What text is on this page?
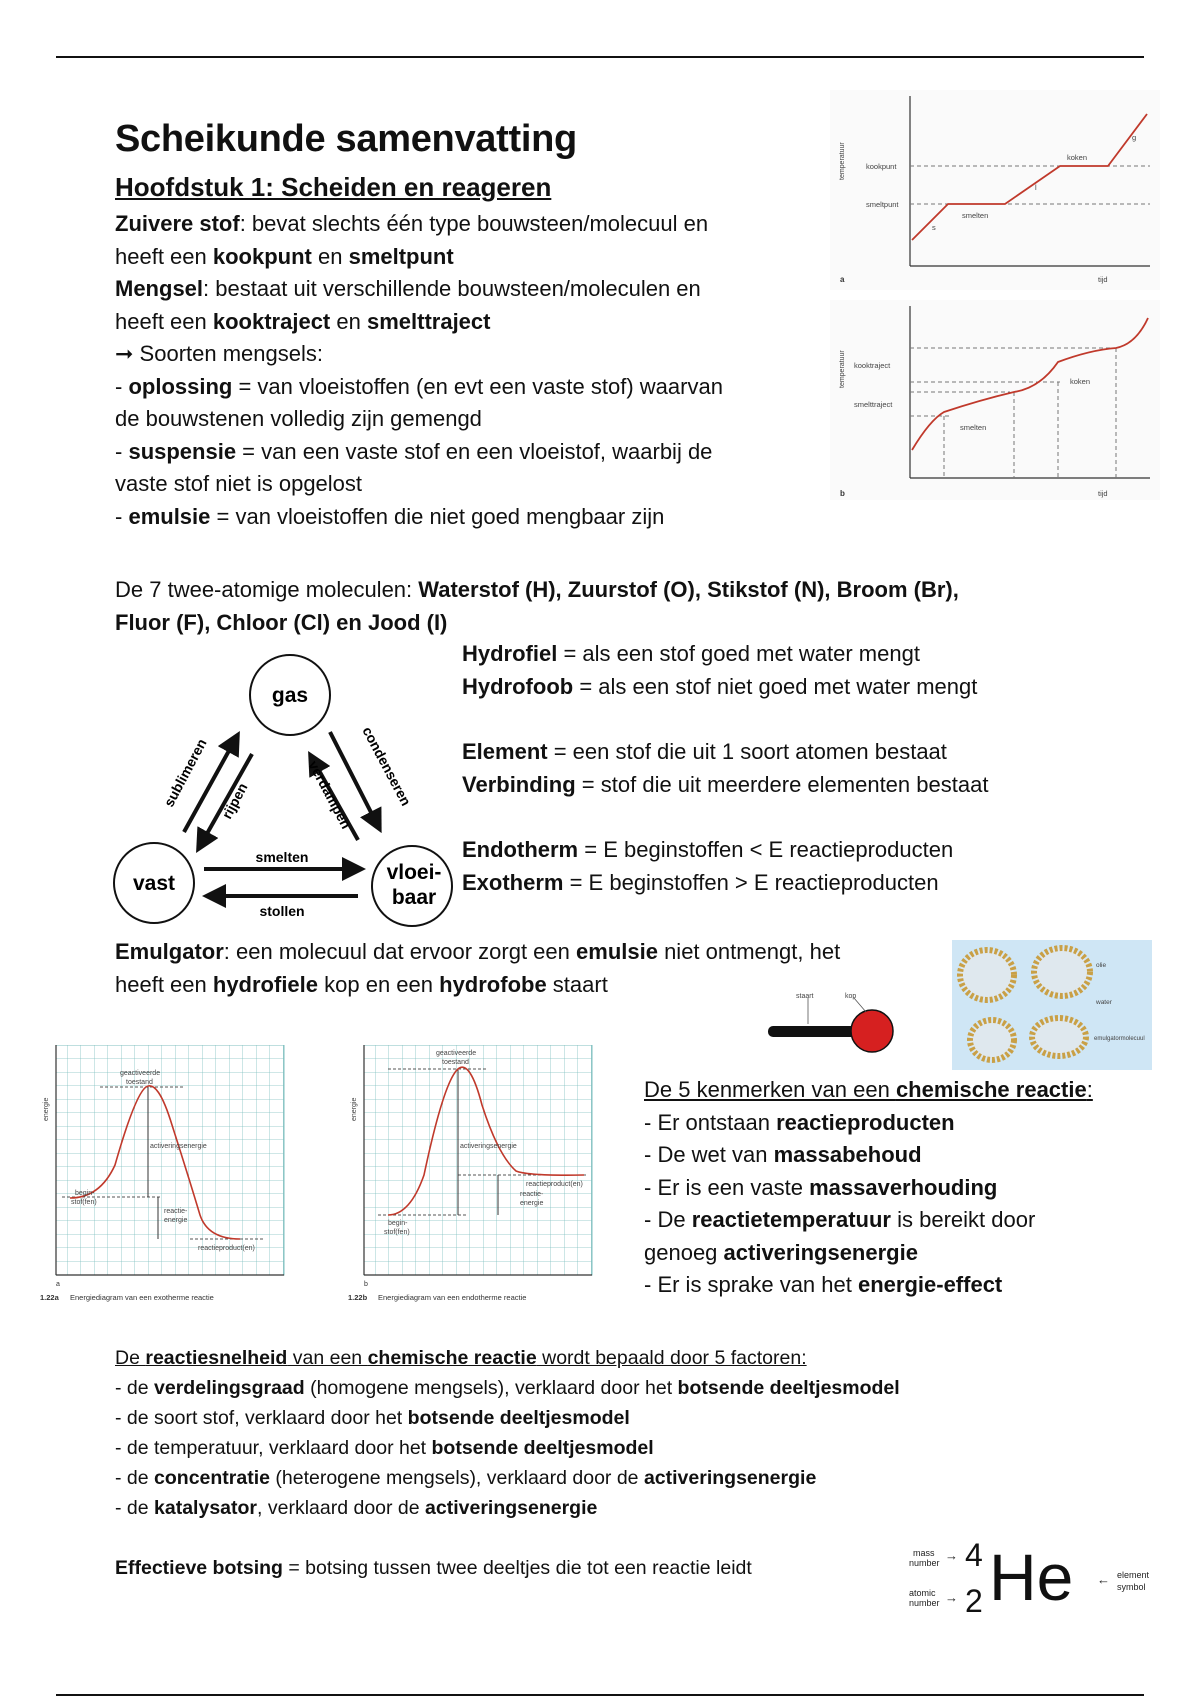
Scheikunde samenvatting
Hoofdstuk 1: Scheiden en reageren

Zuivere stof: bevat slechts één type bouwsteen/molecuul en

heeft een kookpunt en smeltpunt

Mengsel: bestaat uit verschillende bouwsteen/moleculen en

heeft een kooktraject en smelttraject

➞ Soorten mengsels:

- oplossing = van vloeistoffen (en evt een vaste stof) waarvan

de bouwstenen volledig zijn gemengd

- suspensie = van een vaste stof en een vloeistof, waarbij de

vaste stof niet is opgelost

- emulsie = van vloeistoffen die niet goed mengbaar zijn

temperatuur	kookpunt
smeltpunt
koken
smelten
s
l
g
a	tijd
temperatuur kooktraject
smelttraject
koken
smelten
b	tijd

De 7 twee-atomige moleculen: Waterstof (H), Zuurstof (O), Stikstof (N), Broom (Br),

Fluor (F), Chloor (Cl) en Jood (I)

gas
vast	vloei-
baar
sublimeren rijpen	verdampen condenseren
smelten
stollen

Hydrofiel = als een stof goed met water mengt

Hydrofoob = als een stof niet goed met water mengt

Element = een stof die uit 1 soort atomen bestaat

Verbinding = stof die uit meerdere elementen bestaat

Endotherm = E beginstoffen < E reactieproducten

Exotherm = E beginstoffen > E reactieproducten

Emulgator: een molecuul dat ervoor zorgt een emulsie niet ontmengt, het

heeft een hydrofiele kop en een hydrofobe staart	staart	kop
olie
water
emulgatormolecuul
energie
geactiveerde
toestand
activeringsenergie
begin-
stof(fen)
reactie-
energie
reactieproduct(en)
a
1.22a Energiediagram van een exotherme reactie
energie
geactiveerde
toestand
activeringsenergie
begin-
stof(fen)
reactieproduct(en)
reactie-
energie
b
1.22b Energiediagram van een endotherme reactie

De 5 kenmerken van een chemische reactie:

- Er ontstaan reactieproducten

- De wet van massabehoud

- Er is een vaste massaverhouding

- De reactietemperatuur is bereikt door

genoeg activeringsenergie

- Er is sprake van het energie-effect

De reactiesnelheid van een chemische reactie wordt bepaald door 5 factoren:

- de verdelingsgraad (homogene mengsels), verklaard door het botsende deeltjesmodel

- de soort stof, verklaard door het botsende deeltjesmodel

- de temperatuur, verklaard door het botsende deeltjesmodel

- de concentratie (heterogene mengsels), verklaard door de activeringsenergie

- de katalysator, verklaard door de activeringsenergie

Effectieve botsing = botsing tussen twee deeltjes die tot een reactie leidt

mass
number
atomic
number
→
→
4
2 He ← element
symbol
